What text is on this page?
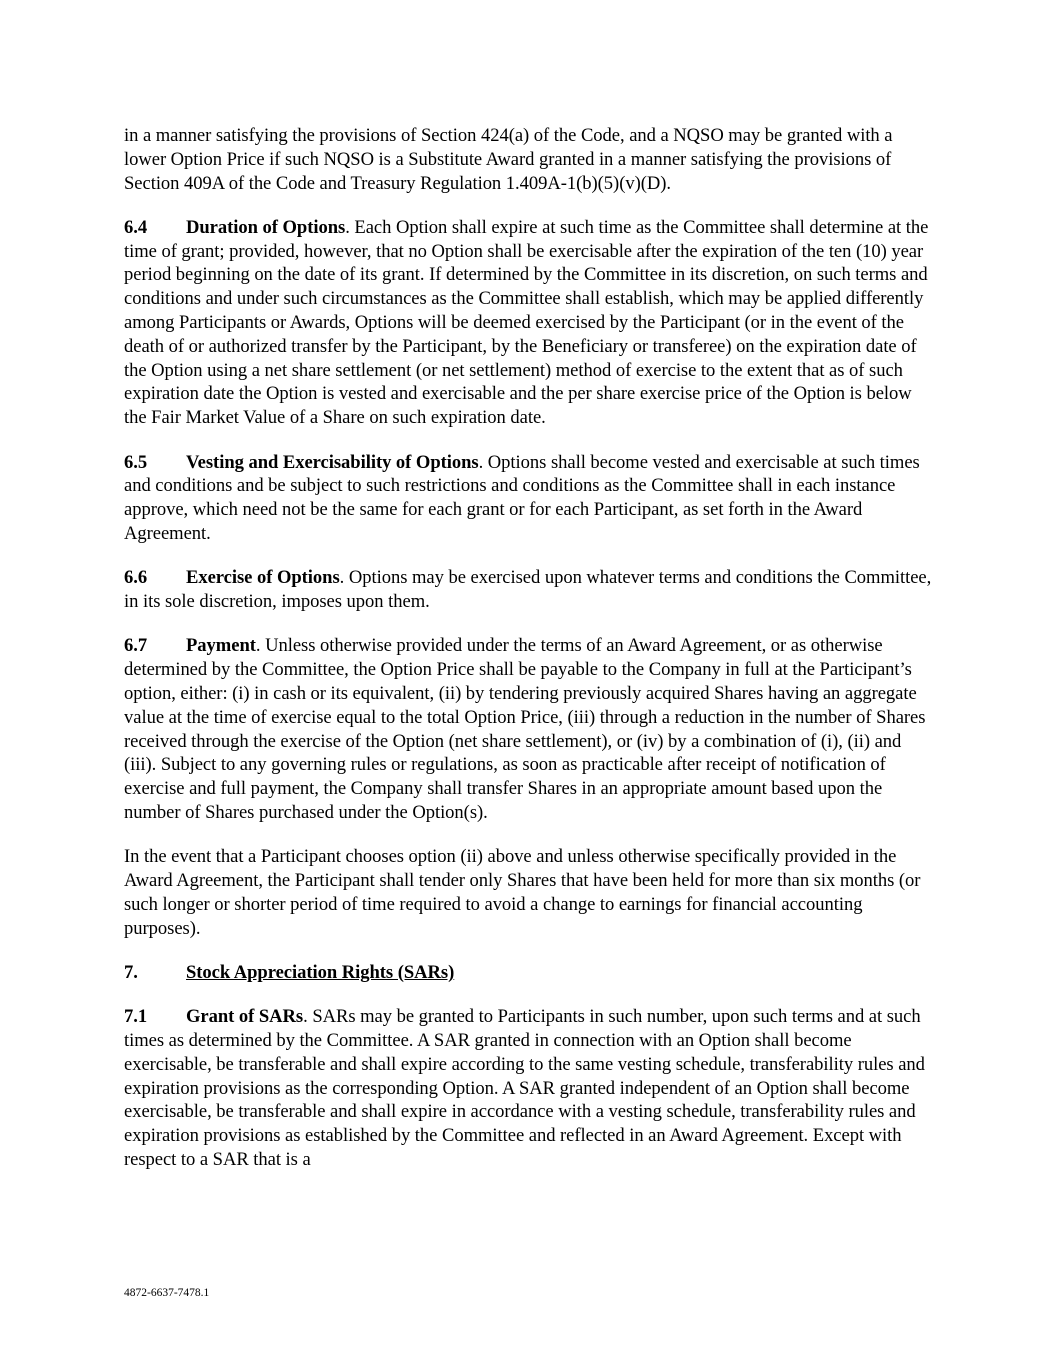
in a manner satisfying the provisions of Section 424(a) of the Code, and a NQSO may be granted with a lower Option Price if such NQSO is a Substitute Award granted in a manner satisfying the provisions of Section 409A of the Code and Treasury Regulation 1.409A-1(b)(5)(v)(D).

6.4 Duration of Options. Each Option shall expire at such time as the Committee shall determine at the time of grant; provided, however, that no Option shall be exercisable after the expiration of the ten (10) year period beginning on the date of its grant. If determined by the Committee in its discretion, on such terms and conditions and under such circumstances as the Committee shall establish, which may be applied differently among Participants or Awards, Options will be deemed exercised by the Participant (or in the event of the death of or authorized transfer by the Participant, by the Beneficiary or transferee) on the expiration date of the Option using a net share settlement (or net settlement) method of exercise to the extent that as of such expiration date the Option is vested and exercisable and the per share exercise price of the Option is below the Fair Market Value of a Share on such expiration date.

6.5 Vesting and Exercisability of Options. Options shall become vested and exercisable at such times and conditions and be subject to such restrictions and conditions as the Committee shall in each instance approve, which need not be the same for each grant or for each Participant, as set forth in the Award Agreement.

6.6 Exercise of Options. Options may be exercised upon whatever terms and conditions the Committee, in its sole discretion, imposes upon them.

6.7 Payment. Unless otherwise provided under the terms of an Award Agreement, or as otherwise determined by the Committee, the Option Price shall be payable to the Company in full at the Participant’s option, either: (i) in cash or its equivalent, (ii) by tendering previously acquired Shares having an aggregate value at the time of exercise equal to the total Option Price, (iii) through a reduction in the number of Shares received through the exercise of the Option (net share settlement), or (iv) by a combination of (i), (ii) and (iii). Subject to any governing rules or regulations, as soon as practicable after receipt of notification of exercise and full payment, the Company shall transfer Shares in an appropriate amount based upon the number of Shares purchased under the Option(s).

In the event that a Participant chooses option (ii) above and unless otherwise specifically provided in the Award Agreement, the Participant shall tender only Shares that have been held for more than six months (or such longer or shorter period of time required to avoid a change to earnings for financial accounting purposes).

7.	Stock Appreciation Rights (SARs)

7.1 Grant of SARs. SARs may be granted to Participants in such number, upon such terms and at such times as determined by the Committee. A SAR granted in connection with an Option shall become exercisable, be transferable and shall expire according to the same vesting schedule, transferability rules and expiration provisions as the corresponding Option. A SAR granted independent of an Option shall become exercisable, be transferable and shall expire in accordance with a vesting schedule, transferability rules and expiration provisions as established by the Committee and reflected in an Award Agreement. Except with respect to a SAR that is a

4872-6637-7478.1
